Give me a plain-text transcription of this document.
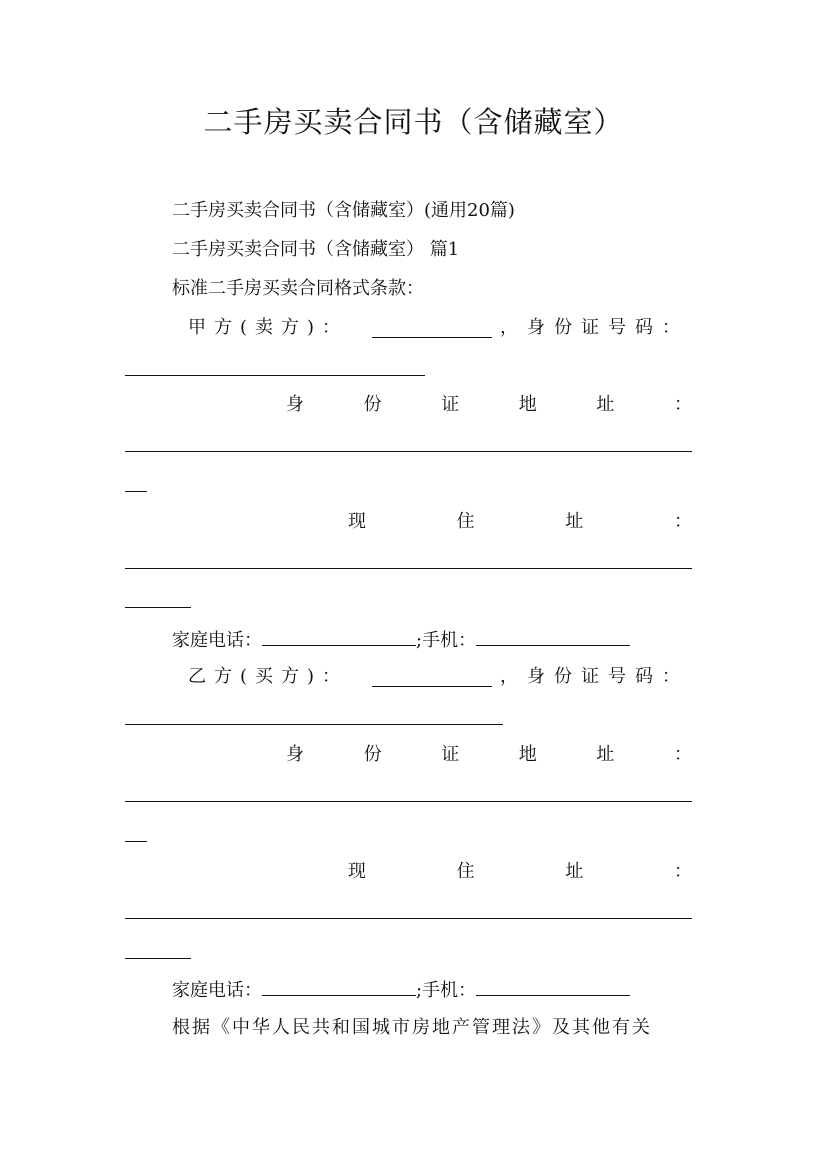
二手房买卖合同书（含储藏室）
二手房买卖合同书（含储藏室）(通用20篇)
二手房买卖合同书（含储藏室） 篇1
标准二手房买卖合同格式条款：
甲方(卖方)：	，身份证号码：
身	份	证	地	址	：
现	住	址	：
家庭电话：	;手机：
乙方(买方)：	，身份证号码：
身	份	证	地	址	：
现	住	址	：
家庭电话：	;手机：
根据《中华人民共和国城市房地产管理法》及其他有关
